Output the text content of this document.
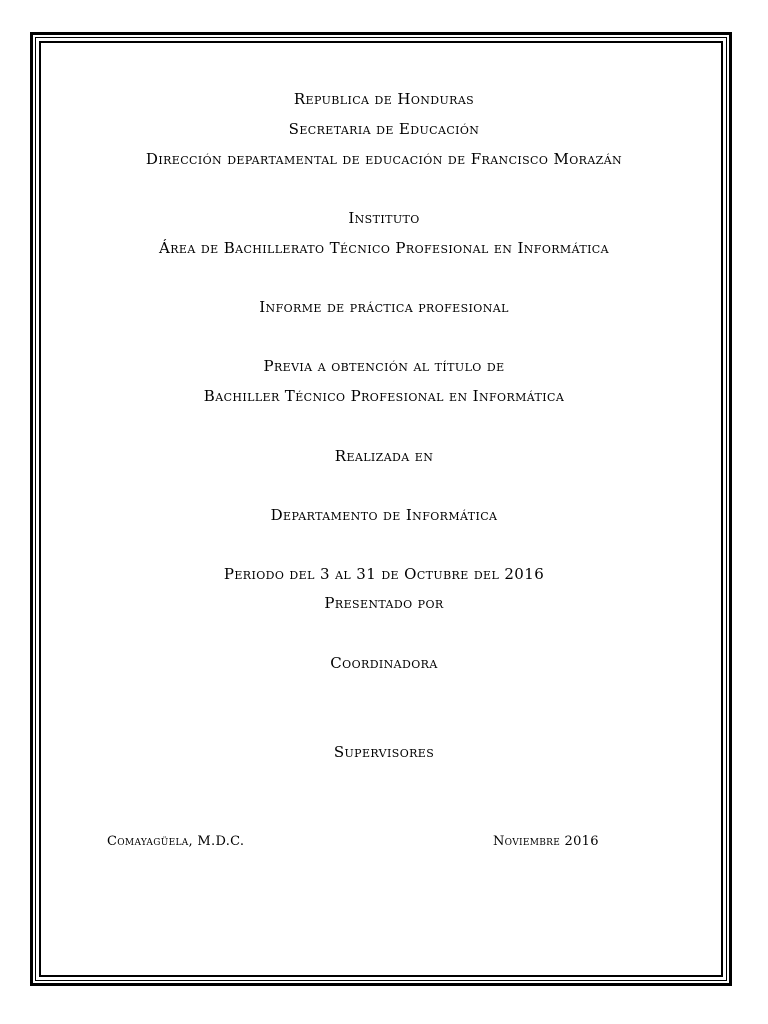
Republica de Honduras
Secretaria de Educación
Dirección departamental de educación de Francisco Morazán
Instituto
Área de Bachillerato Técnico Profesional en Informática
Informe de práctica profesional
Previa a obtención al título de
Bachiller Técnico Profesional en Informática
Realizada en
Departamento de Informática
Periodo del 3 al 31 de Octubre del 2016
Presentado por
Coordinadora
Supervisores
Comayagüela, M.D.C.	Noviembre 2016
